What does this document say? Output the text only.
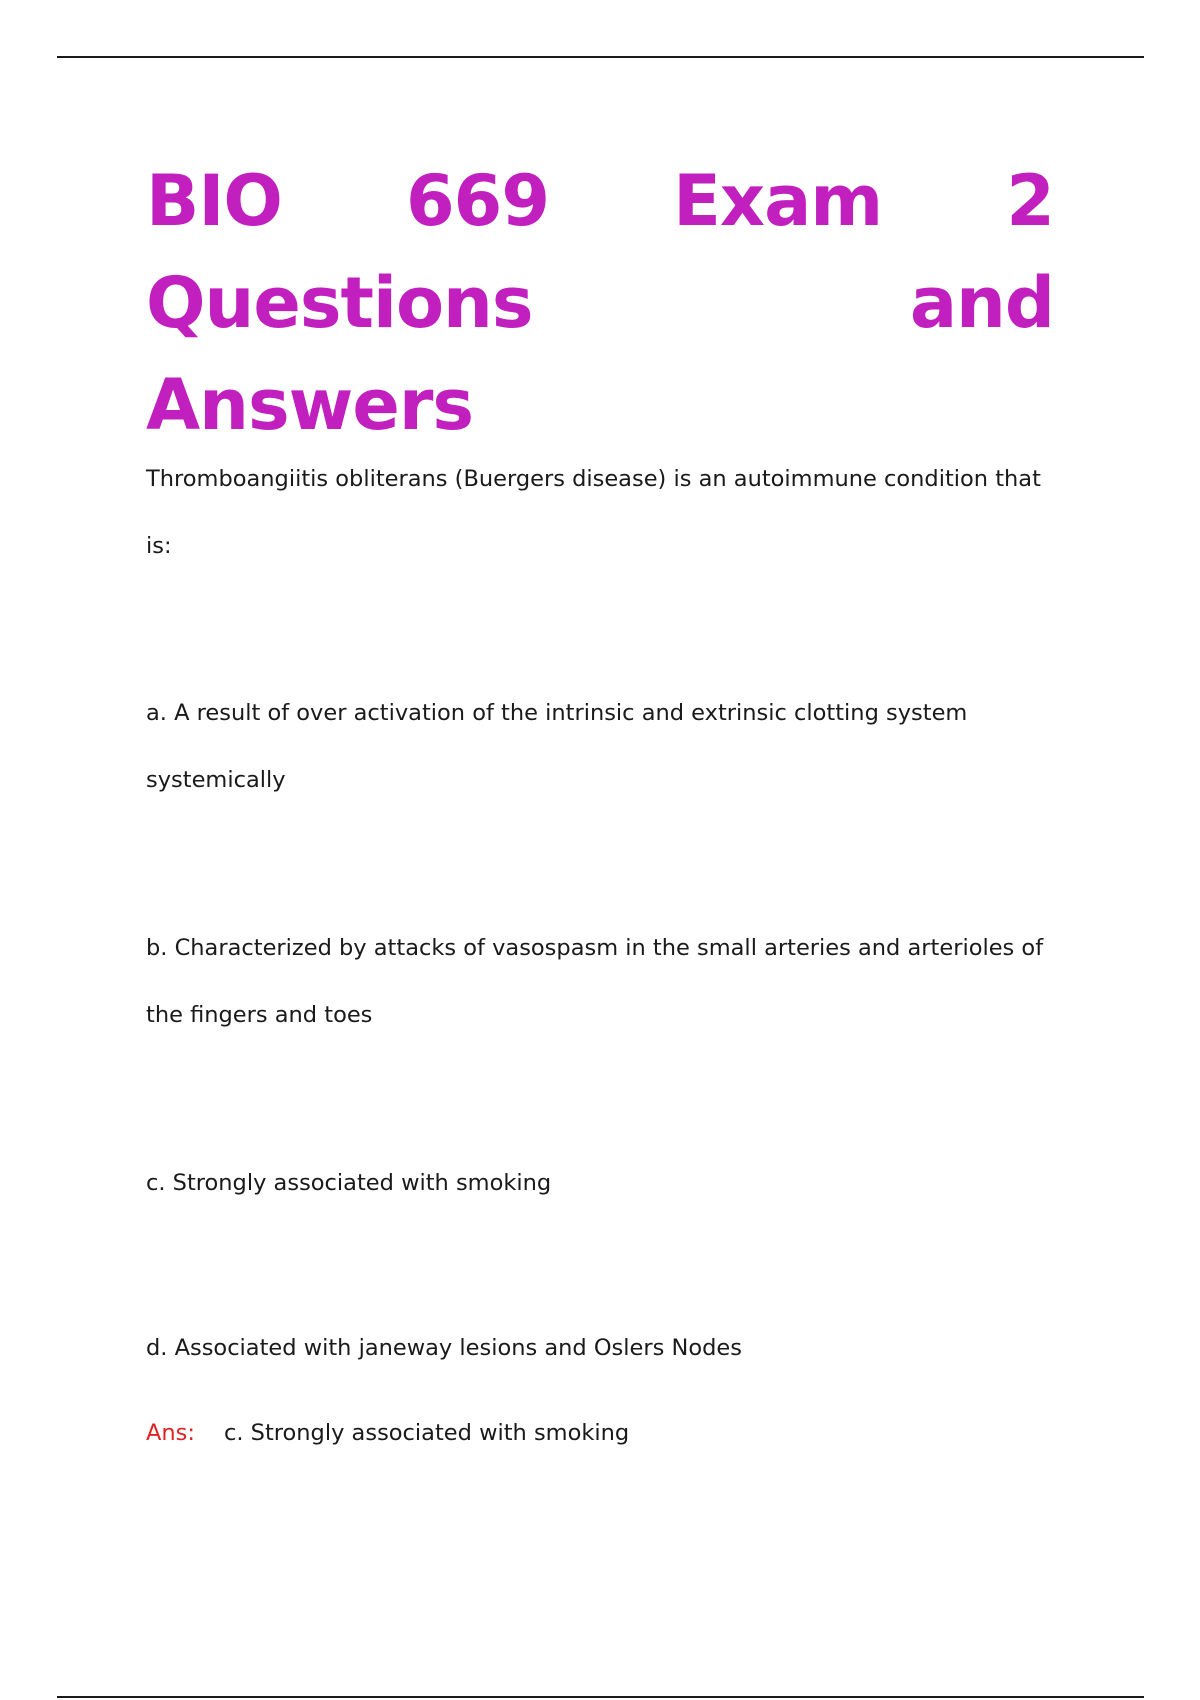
BIO 669 Exam 2
Questions and Answers

Thromboangiitis obliterans (Buergers disease) is an autoimmune condition that is:

a. A result of over activation of the intrinsic and extrinsic clotting system systemically

b. Characterized by attacks of vasospasm in the small arteries and arterioles of the fingers and toes

c. Strongly associated with smoking

d. Associated with janeway lesions and Oslers Nodes

Ans: c. Strongly associated with smoking
